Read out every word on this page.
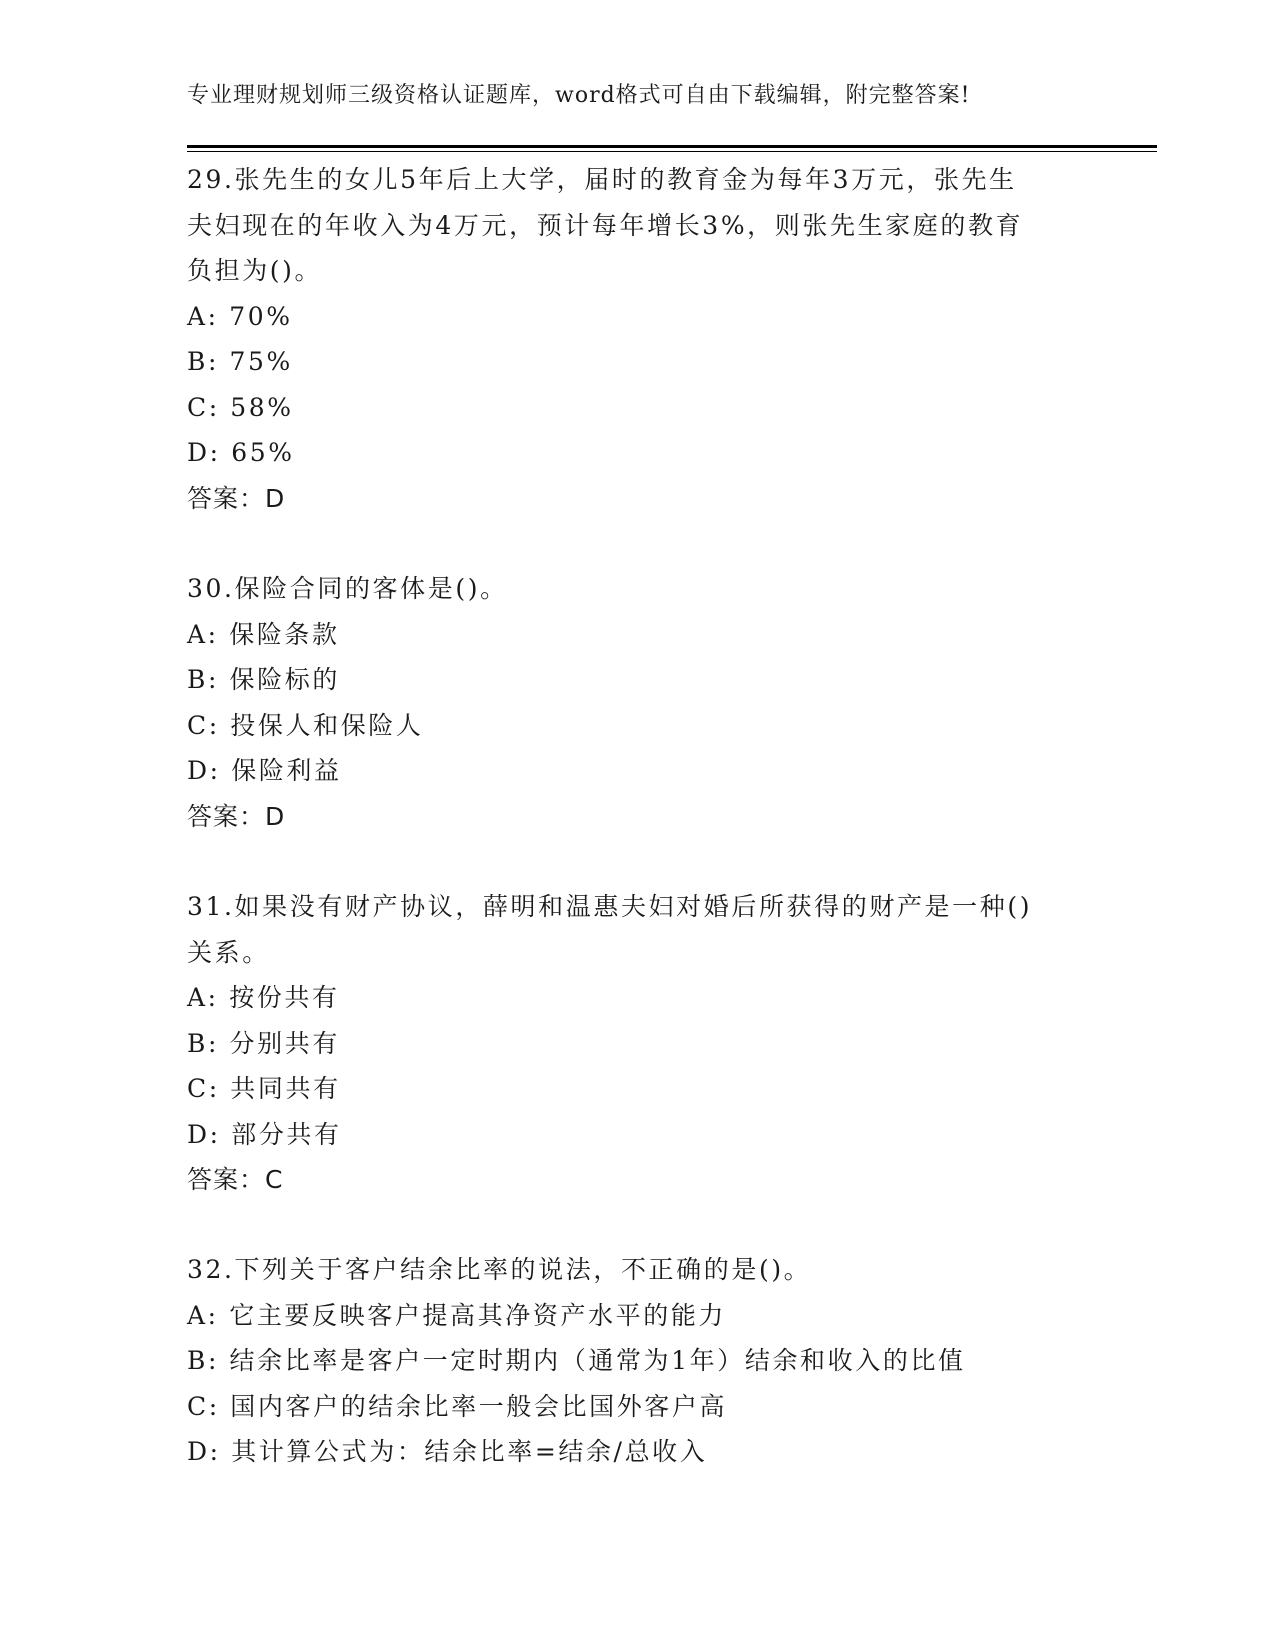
专业理财规划师三级资格认证题库，word格式可自由下载编辑，附完整答案!
29.张先生的女儿5年后上大学，届时的教育金为每年3万元，张先生
夫妇现在的年收入为4万元，预计每年增长3%，则张先生家庭的教育
负担为()。
A: 70%
B: 75%
C: 58%
D: 65%
答案：D
30.保险合同的客体是()。
A: 保险条款
B: 保险标的
C: 投保人和保险人
D: 保险利益
答案：D
31.如果没有财产协议，薛明和温惠夫妇对婚后所获得的财产是一种()
关系。
A: 按份共有
B: 分别共有
C: 共同共有
D: 部分共有
答案：C
32.下列关于客户结余比率的说法，不正确的是()。
A: 它主要反映客户提高其净资产水平的能力
B: 结余比率是客户一定时期内（通常为1年）结余和收入的比值
C: 国内客户的结余比率一般会比国外客户高
D: 其计算公式为：结余比率=结余/总收入
